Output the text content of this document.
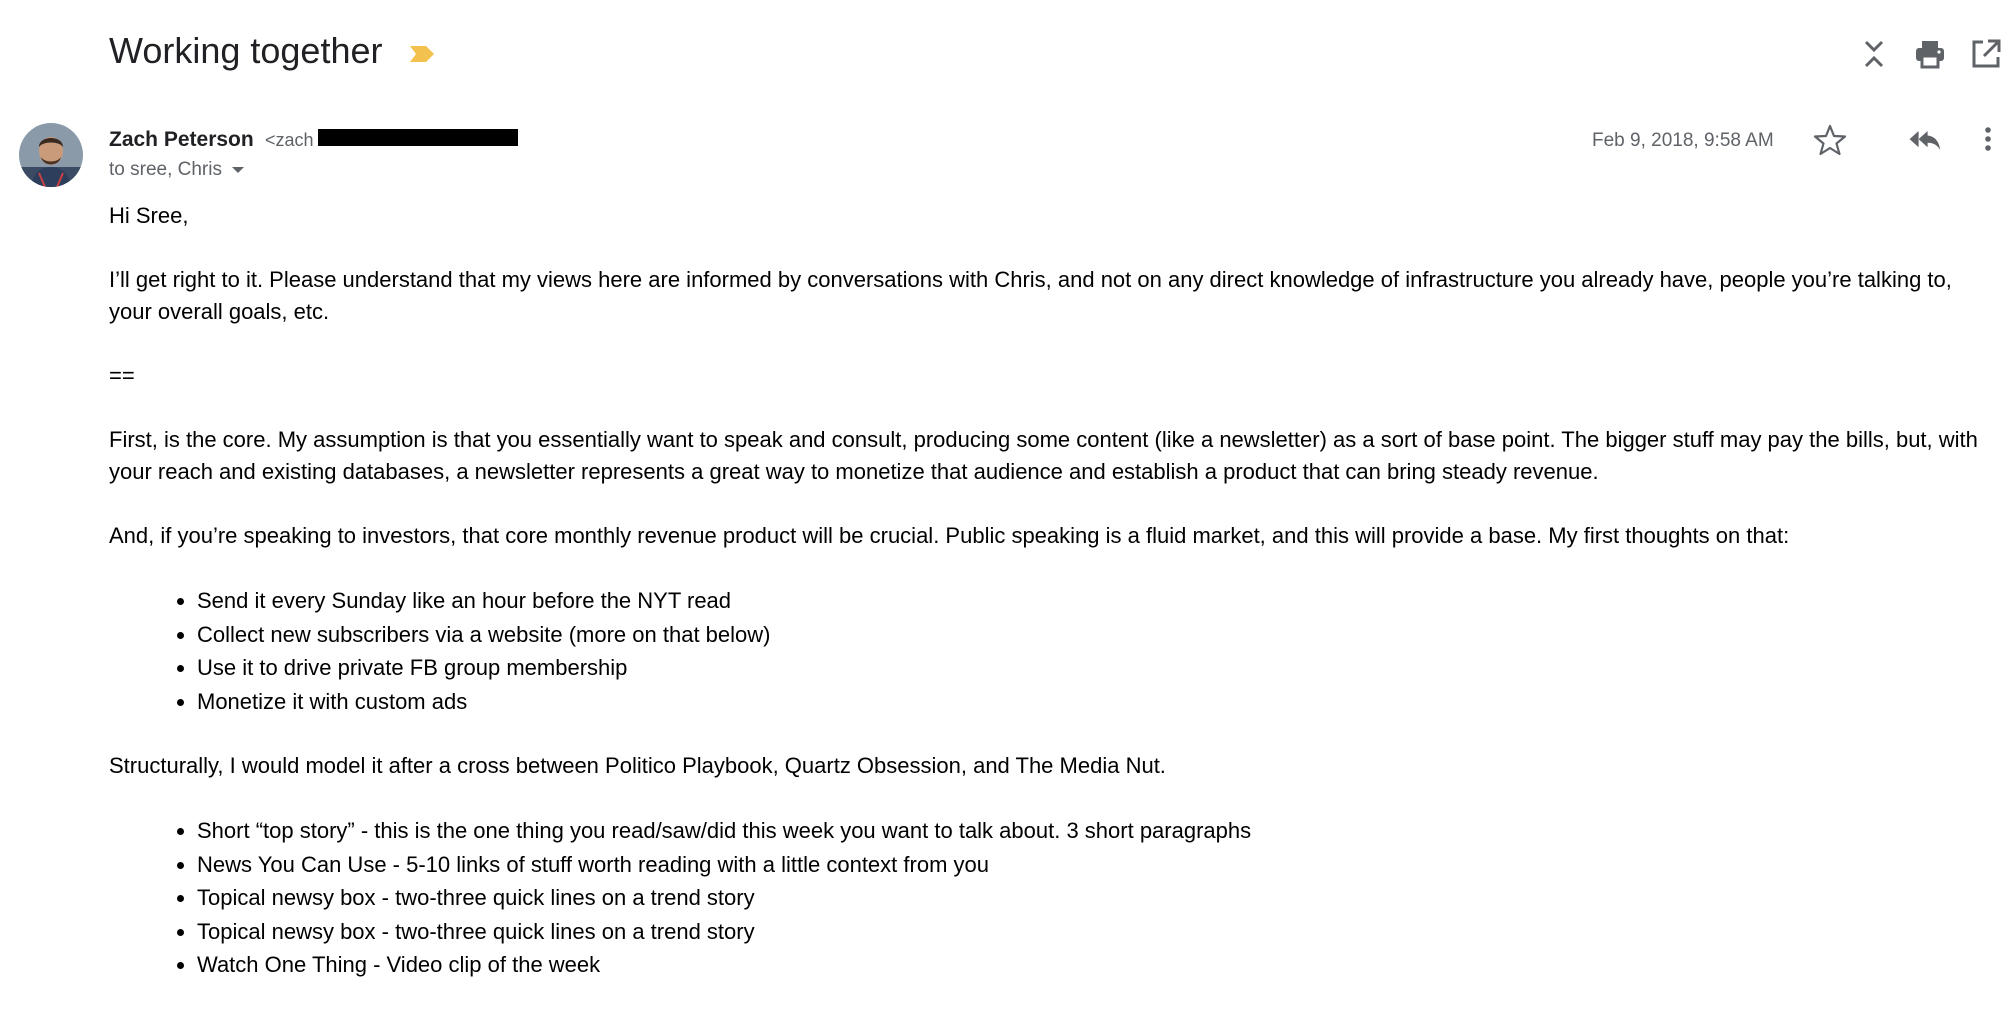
Working together
Zach Peterson <zach
to sree, Chris
Feb 9, 2018, 9:58 AM

Hi Sree,

I’ll get right to it. Please understand that my views here are informed by conversations with Chris, and not on any direct knowledge of infrastructure you already have, people you’re talking to, your overall goals, etc.

==

First, is the core. My assumption is that you essentially want to speak and consult, producing some content (like a newsletter) as a sort of base point. The bigger stuff may pay the bills, but, with your reach and existing databases, a newsletter represents a great way to monetize that audience and establish a product that can bring steady revenue.

And, if you’re speaking to investors, that core monthly revenue product will be crucial. Public speaking is a fluid market, and this will provide a base. My first thoughts on that:

• Send it every Sunday like an hour before the NYT read
• Collect new subscribers via a website (more on that below)
• Use it to drive private FB group membership
• Monetize it with custom ads

Structurally, I would model it after a cross between Politico Playbook, Quartz Obsession, and The Media Nut.

• Short “top story” - this is the one thing you read/saw/did this week you want to talk about. 3 short paragraphs
• News You Can Use - 5-10 links of stuff worth reading with a little context from you
• Topical newsy box - two-three quick lines on a trend story
• Topical newsy box - two-three quick lines on a trend story
• Watch One Thing - Video clip of the week
